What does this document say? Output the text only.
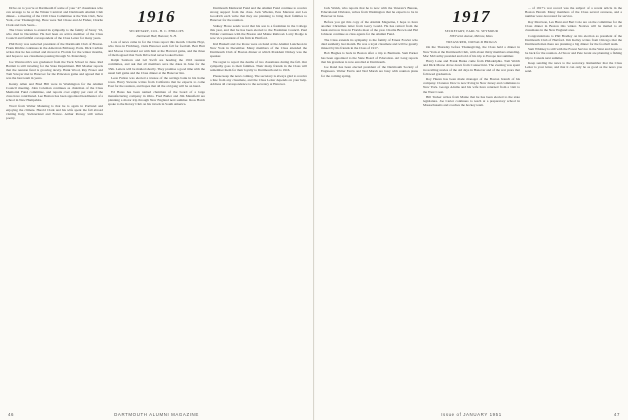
Drive on to you’re at Dartmouth if some of your ’47 classmates who can arrange to be at the Winter Carnival and Dartmouth Alumni Club dinner... a meeting of the 1916 Class Committee at the Yale Club, New York, over Thanksgiving. Here were Ted Chase and Al Fisher, Charlie Clark and Jack Sears...

The Class wishes to extend its sympathy to the family of Stony ’16, who died in December. He had been an active member of the Class Council and faithful correspondent of the Class Letter for many years.

Phil Perry was reelected president of the Dartmouth Club of Boston. Frank Ritchie continues in the American Embassy, Paris. Dick Carlisle writes that he has retired and moved to Florida for the winter months, and hopes to see classmates passing through St. Petersburg.

Joe Wentworth’s son graduated from the Tuck School in June. Red Bartlett is still traveling for the State Department. Bill Mosher reports that the reunion fund is growing nicely. Hank Wood, Ray Fraser and Tom Sawyer met in Hanover for the Princeton game and agreed that it was the best team in years.

Kenny Allen and Brad Hill were in Washington for the Alumni Council meeting. John Coleman continues as chairman of the Class Memorial Fund committee, and reports over eighty per cent of the class have contributed. Lee Buxton has been appointed headmaster of a school in New Hampshire.

Word from Walter Manning is that he is again in Portland and enjoying the climate. Harold Clark and his wife spent the fall abroad visiting Italy, Switzerland and France. Arthur Peavey still writes poetry.

1916

SECRETARY, COL. H. C. PHILLIPS

Dartmouth Hall, Hanover, N. H.

Lots of news came in for the Class report this month. Charlie Hoyt, who lives in Fitchburg, visits Hanover each fall for football. Bert Hart and Moose Cleveland sat with him at the Harvard game, and the three of them agreed that Tuck Drive had never looked better.

Ralph Sanborn and Gil Swift are heading the 1916 reunion committee, and ask that all members save the dates in June for the 35th. Letters will be mailed shortly. They promise a good time with the usual ball game and the Class dinner at the Hanover Inn.

Leon Fulton was elected a trustee of the savings bank in his home town. Harry Stevens writes from California that he expects to come East for the reunion, and hopes that all the old gang will be on hand.

Ed Bates has been named chairman of the board of a large manufacturing company in Ohio. Fred Butler and Jim Mansfield are planning a motor trip through New England next summer. Ross Hatch spoke to the Rotary Club on his travels in South America.

Dartmouth Memorial Fund and the Alumni Fund continue to receive strong support from the class. Jack Whelan, Pete Marston and Les Goodrich each write that they are planning to bring their families to Hanover for the reunion.

Sidney Howe sends word that his son is a freshman in the College this year, and that he has been elected to the Freshman Council. Paul Wilder continues with the Boston and Maine Railroad. Larry Dodge is now vice president of his firm in Hartford.

Kid Haskell and Joe Rowe were on hand at the Alumni Luncheon in New York in December. Many members of the Class attended the Dartmouth Club of Boston dinner at which President Dickey was the speaker.

We regret to report the deaths of two classmates during the fall. Our sympathy goes to their families. Their many friends in the Class will remember them for their loyalty to Dartmouth and to 1916.

Please keep the news coming. The secretary is always glad to receive a line from any classmate, and the Class Letter depends on your help. Address all correspondence to the secretary at Hanover.

DARTMOUTH ALUMNI MAGAZINE
46

Jack Walsh, who reports that he is now with the Veteran’s Bureau, Educational Division, writes from Washington that he expects to be in Hanover in June.

Before you get this copy of the Alumni Magazine, I hope to have another Christmas letter from Gerry Gould. He has retired from the bank and now lives in Florida most of the year. Charlie Brown and Hal Johnson continue as class agents for the Alumni Fund.

The Class extends its sympathy to the family of Ernest Fowler who died suddenly last month. He was a loyal classmate and will be greatly missed by his friends in the Class of 1917.

Bob Hughes is back in Boston after a trip to Bermuda. Sam Parker has been appointed to the State Board of Education. Art Lang reports that his grandson is now enrolled at Dartmouth.

Joe Rand has been elected president of the Dartmouth Society of Engineers. Walter Ferris and Ned Marsh are busy with reunion plans for the coming spring.

1917

SECRETARY, EARL W. SEYMOUR

308 Forest Avenue, Melrose, Mass.

TREASURER, DONALD BRIGGS

On the Thursday before Thanksgiving, the Class held a dinner in New York at the Dartmouth Club, with about thirty members attending. Mac McCarthy presided and told of his trip to Europe last summer.

Harry Lane and Frank Burke came from Philadelphia. Tom Welch and Dick Morse drove down from Connecticut. The evening was spent in recalling stories of the old days in Hanover and of the war years that followed graduation.

Roy Hazen has been made manager of the Boston branch of his company. Clarence Dow is now living in New Jersey and commutes to New York. George Adams and his wife have returned from a visit to the West Coast.

Bill Tucker writes from Maine that he has been elected to the state legislature. Joe Carter continues to teach at a preparatory school in Massachusetts and coaches the hockey team.

... of 1917’s war record was the subject of a recent article in the Boston Herald. Many members of the Class served overseas, and a number were decorated for service.

Ray Morrison, Les Hunt and Bert Cole are on the committee for the Class dinner in Boston this winter. Notices will be mailed to all classmates in the New England area.

Congratulations to Phil Bradley on his election as president of the Dartmouth Club of Hartford. Jim Kelley writes from Chicago that the Dartmouth men there are planning a big dinner for the football team.

Sam Whitney is still with the Forest Service in the West and hopes to be back for the reunion. Al Snow and Pete Grant are planning a fishing trip to Canada next summer.

Keep sending the news to the secretary. Remember that the Class Letter is your letter, and that it can only be as good as the news you send.

Issue of JANUARY 1951	47
